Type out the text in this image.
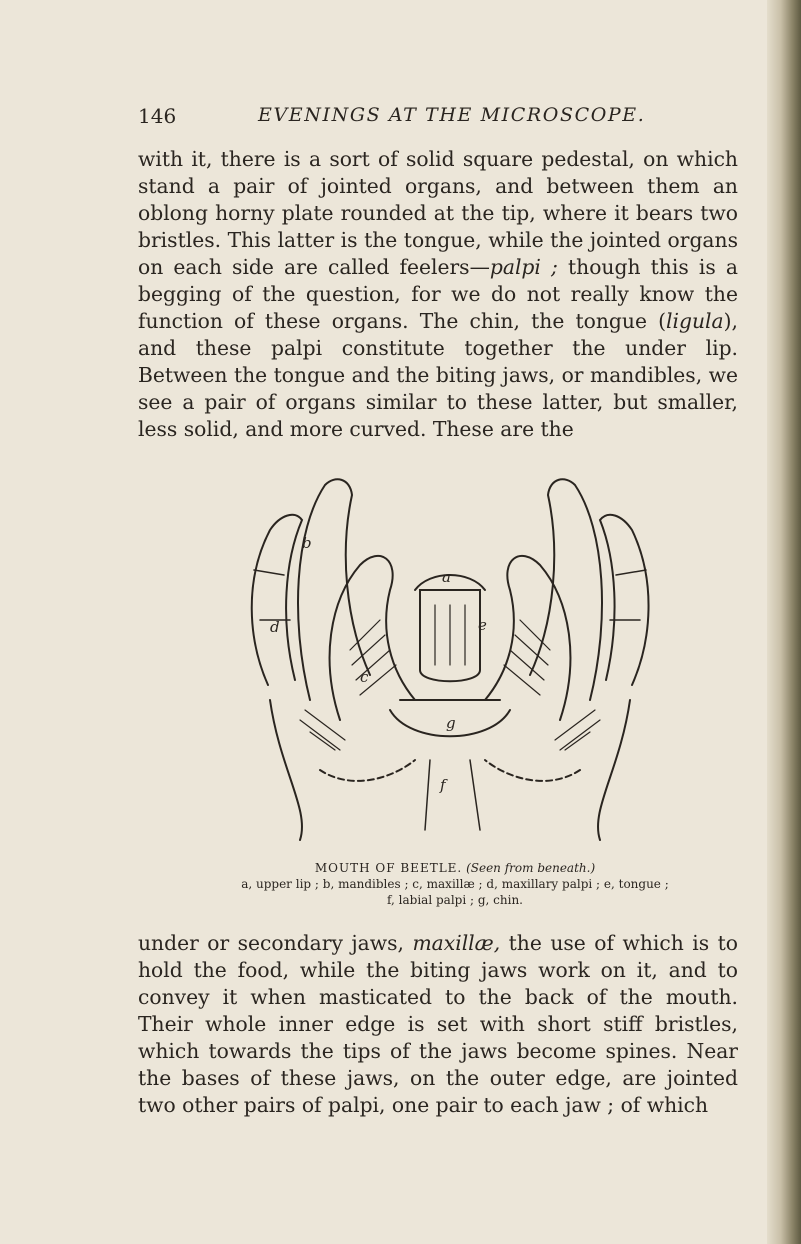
146	EVENINGS AT THE MICROSCOPE.

with it, there is a sort of solid square pedestal, on which stand a pair of jointed organs, and between them an oblong horny plate rounded at the tip, where it bears two bristles. This latter is the tongue, while the jointed organs on each side are called feelers—palpi ; though this is a begging of the question, for we do not really know the function of these organs. The chin, the tongue (ligula), and these palpi constitute together the under lip. Between the tongue and the biting jaws, or mandibles, we see a pair of organs similar to these latter, but smaller, less solid, and more curved. These are the

b
d
c
a
e
g
f
MOUTH OF BEETLE. (Seen from beneath.)
a, upper lip ; b, mandibles ; c, maxillæ ; d, maxillary palpi ; e, tongue ;
f, labial palpi ; g, chin.

under or secondary jaws, maxillæ, the use of which is to hold the food, while the biting jaws work on it, and to convey it when masticated to the back of the mouth. Their whole inner edge is set with short stiff bristles, which towards the tips of the jaws become spines. Near the bases of these jaws, on the outer edge, are jointed two other pairs of palpi, one pair to each jaw ; of which
